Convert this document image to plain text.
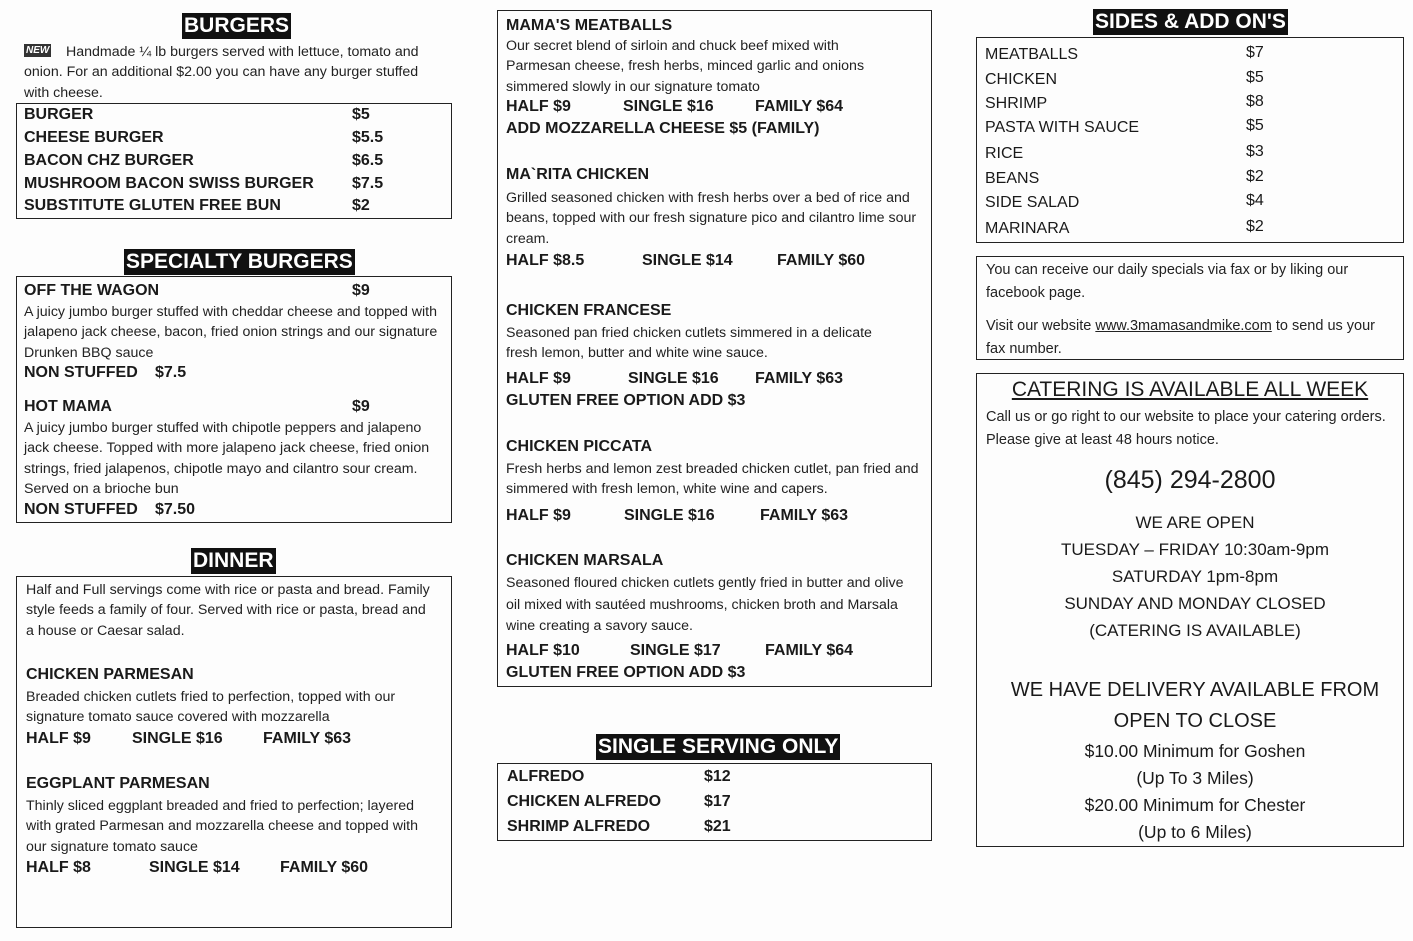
BURGERS
NEW	Handmade ¼ lb burgers served with lettuce, tomato and onion. For an additional $2.00 you can have any burger stuffed with cheese.
BURGER	$5
CHEESE BURGER	$5.5
BACON CHZ BURGER	$6.5
MUSHROOM BACON SWISS BURGER $7.5
SUBSTITUTE GLUTEN FREE BUN	$2
SPECIALTY BURGERS
OFF THE WAGON	$9
A juicy jumbo burger stuffed with cheddar cheese and topped with jalapeno jack cheese, bacon, fried onion strings and our signature Drunken BBQ sauce
NON STUFFED $7.5
HOT MAMA	$9
A juicy jumbo burger stuffed with chipotle peppers and jalapeno jack cheese. Topped with more jalapeno jack cheese, fried onion strings, fried jalapenos, chipotle mayo and cilantro sour cream. Served on a brioche bun
NON STUFFED $7.50
DINNER
Half and Full servings come with rice or pasta and bread. Family style feeds a family of four. Served with rice or pasta, bread and a house or Caesar salad.
CHICKEN PARMESAN
Breaded chicken cutlets fried to perfection, topped with our signature tomato sauce covered with mozzarella
HALF $9	SINGLE $16	FAMILY $63
EGGPLANT PARMESAN
Thinly sliced eggplant breaded and fried to perfection; layered with grated Parmesan and mozzarella cheese and topped with our signature tomato sauce
HALF $8	SINGLE $14	FAMILY $60
MAMA'S MEATBALLS
Our secret blend of sirloin and chuck beef mixed with Parmesan cheese, fresh herbs, minced garlic and onions simmered slowly in our signature tomato
HALF $9	SINGLE $16	FAMILY $64
ADD MOZZARELLA CHEESE $5 (FAMILY)
MA`RITA CHICKEN
Grilled seasoned chicken with fresh herbs over a bed of rice and beans, topped with our fresh signature pico and cilantro lime sour cream.
HALF $8.5	SINGLE $14	FAMILY $60
CHICKEN FRANCESE
Seasoned pan fried chicken cutlets simmered in a delicate fresh lemon, butter and white wine sauce.
HALF $9	SINGLE $16 FAMILY $63
GLUTEN FREE OPTION ADD $3
CHICKEN PICCATA
Fresh herbs and lemon zest breaded chicken cutlet, pan fried and simmered with fresh lemon, white wine and capers.
HALF $9	SINGLE $16	FAMILY $63
CHICKEN MARSALA
Seasoned floured chicken cutlets gently fried in butter and olive oil mixed with sautéed mushrooms, chicken broth and Marsala wine creating a savory sauce.
HALF $10	SINGLE $17	FAMILY $64
GLUTEN FREE OPTION ADD $3
SINGLE SERVING ONLY
ALFREDO	$12
CHICKEN ALFREDO	$17
SHRIMP ALFREDO	$21
SIDES & ADD ON'S
MEATBALLS	$7
CHICKEN	$5
SHRIMP	$8
PASTA WITH SAUCE	$5
RICE	$3
BEANS	$2
SIDE SALAD	$4
MARINARA	$2
You can receive our daily specials via fax or by liking our facebook page.
Visit our website www.3mamasandmike.com to send us your fax number.
CATERING IS AVAILABLE ALL WEEK
Call us or go right to our website to place your catering orders. Please give at least 48 hours notice.
(845) 294-2800
WE ARE OPEN
TUESDAY – FRIDAY 10:30am-9pm
SATURDAY 1pm-8pm
SUNDAY AND MONDAY CLOSED
(CATERING IS AVAILABLE)
WE HAVE DELIVERY AVAILABLE FROM
OPEN TO CLOSE
$10.00 Minimum for Goshen
(Up To 3 Miles)
$20.00 Minimum for Chester
(Up to 6 Miles)
